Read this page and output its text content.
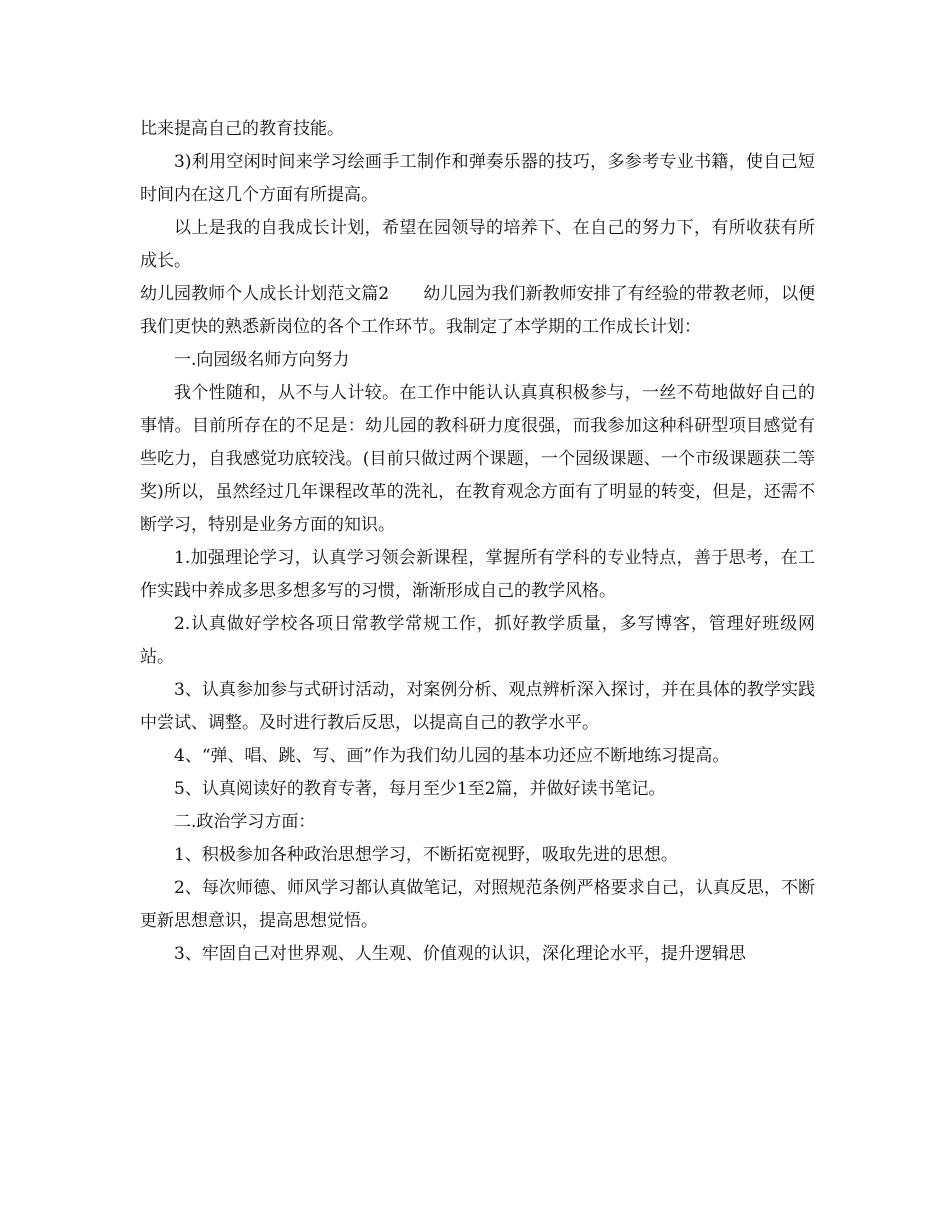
比来提高自己的教育技能。

3)利用空闲时间来学习绘画手工制作和弹奏乐器的技巧，多参考专业书籍，使自己短时间内在这几个方面有所提高。

以上是我的自我成长计划，希望在园领导的培养下、在自己的努力下，有所收获有所成长。

幼儿园教师个人成长计划范文篇2　　幼儿园为我们新教师安排了有经验的带教老师，以便我们更快的熟悉新岗位的各个工作环节。我制定了本学期的工作成长计划：

一.向园级名师方向努力

我个性随和，从不与人计较。在工作中能认认真真积极参与，一丝不苟地做好自己的事情。目前所存在的不足是：幼儿园的教科研力度很强，而我参加这种科研型项目感觉有些吃力，自我感觉功底较浅。(目前只做过两个课题，一个园级课题、一个市级课题获二等奖)所以，虽然经过几年课程改革的洗礼，在教育观念方面有了明显的转变，但是，还需不断学习，特别是业务方面的知识。

1.加强理论学习，认真学习领会新课程，掌握所有学科的专业特点，善于思考，在工作实践中养成多思多想多写的习惯，渐渐形成自己的教学风格。

2.认真做好学校各项日常教学常规工作，抓好教学质量，多写博客，管理好班级网站。

3、认真参加参与式研讨活动，对案例分析、观点辨析深入探讨，并在具体的教学实践中尝试、调整。及时进行教后反思，以提高自己的教学水平。

4、“弹、唱、跳、写、画”作为我们幼儿园的基本功还应不断地练习提高。

5、认真阅读好的教育专著，每月至少1至2篇，并做好读书笔记。

二.政治学习方面：

1、积极参加各种政治思想学习，不断拓宽视野，吸取先进的思想。

2、每次师德、师风学习都认真做笔记，对照规范条例严格要求自己，认真反思，不断更新思想意识，提高思想觉悟。

3、牢固自己对世界观、人生观、价值观的认识，深化理论水平，提升逻辑思
